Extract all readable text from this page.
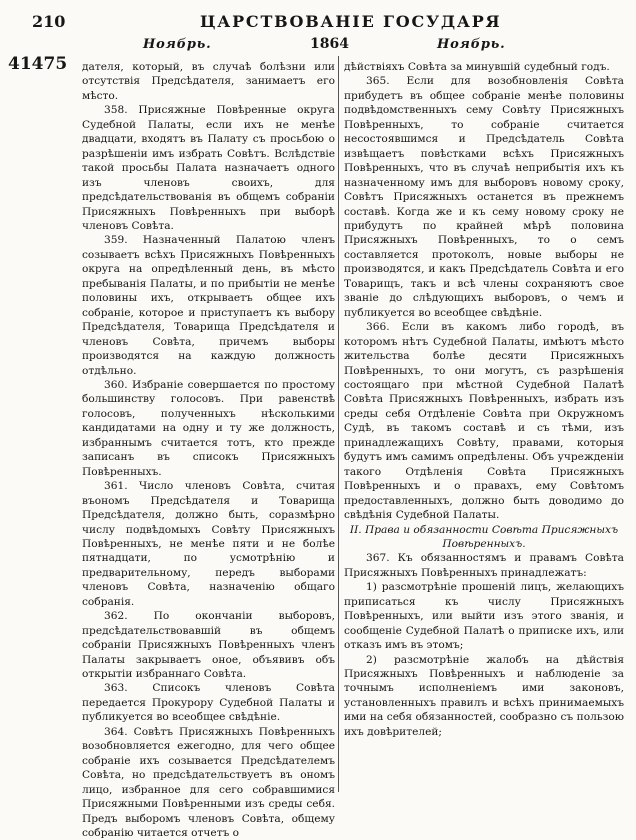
210	ЦАРСТВОВАНІЕ ГОСУДАРЯ
Ноябрь.	1864	Ноябрь.
41475 дателя, который, въ случаѣ болѣзни или отсутствія Предсѣдателя, занимаетъ его мѣсто.

358. Присяжные Повѣренные округа Судебной Палаты, если ихъ не менѣе двадцати, входятъ въ Палату съ просьбою о разрѣшеніи имъ избрать Совѣтъ. Вслѣдствіе такой просьбы Палата назначаетъ одного изъ членовъ своихъ, для предсѣдательствованія въ общемъ собраніи Присяжныхъ Повѣренныхъ при выборѣ членовъ Совѣта.

359. Назначенный Палатою членъ созываетъ всѣхъ Присяжныхъ Повѣренныхъ округа на опредѣленный день, въ мѣсто пребыванія Палаты, и по прибытіи не менѣе половины ихъ, открываетъ общее ихъ собраніе, которое и приступаетъ къ выбору Предсѣдателя, Товарища Предсѣдателя и членовъ Совѣта, причемъ выборы производятся на каждую должность отдѣльно.

360. Избраніе совершается по простому большинству голосовъ. При равенствѣ голосовъ, полученныхъ нѣсколькими кандидатами на одну и ту же должность, избраннымъ считается тотъ, кто прежде записанъ въ списокъ Присяжныхъ Повѣренныхъ.

361. Число членовъ Совѣта, считая въономъ Предсѣдателя и Товарища Предсѣдателя, должно быть, соразмѣрно числу подвѣдомыхъ Совѣту Присяжныхъ Повѣренныхъ, не менѣе пяти и не болѣе пятнадцати, по усмотрѣнію и предварительному, передъ выборами членовъ Совѣта, назначенію общаго собранія.

362. По окончаніи выборовъ, предсѣдательствовавшій въ общемъ собраніи Присяжныхъ Повѣренныхъ членъ Палаты закрываетъ оное, объявивъ объ открытіи избраннаго Совѣта.

363. Списокъ членовъ Совѣта передается Прокурору Судебной Палаты и публикуется во всеобщее свѣдѣніе.

364. Совѣтъ Присяжныхъ Повѣренныхъ возобновляется ежегодно, для чего общее собраніе ихъ созывается Предсѣдателемъ Совѣта, но предсѣдательствуетъ въ ономъ лицо, избранное для сего собравшимися Присяжными Повѣренными изъ среды себя. Предъ выборомъ членовъ Совѣта, общему собранію читается отчетъ о

дѣйствіяхъ Совѣта за минувшій судебный годъ.

365. Если для возобновленія Совѣта прибудетъ въ общее собраніе менѣе половины подвѣдомственныхъ сему Совѣту Присяжныхъ Повѣренныхъ, то собраніе считается несостоявшимся и Предсѣдатель Совѣта извѣщаетъ повѣстками всѣхъ Присяжныхъ Повѣренныхъ, что въ случаѣ неприбытія ихъ къ назначенному имъ для выборовъ новому сроку, Совѣтъ Присяжныхъ останется въ прежнемъ составѣ. Когда же и къ сему новому сроку не прибудутъ по крайней мѣрѣ половина Присяжныхъ Повѣренныхъ, то о семъ составляется протоколъ, новые выборы не производятся, и какъ Предсѣдатель Совѣта и его Товарищъ, такъ и всѣ члены сохраняютъ свое званіе до слѣдующихъ выборовъ, о чемъ и публикуется во всеобщее свѣдѣніе.

366. Если въ какомъ либо городѣ, въ которомъ нѣтъ Судебной Палаты, имѣютъ мѣсто жительства болѣе десяти Присяжныхъ Повѣренныхъ, то они могутъ, съ разрѣшенія состоящаго при мѣстной Судебной Палатѣ Совѣта Присяжныхъ Повѣренныхъ, избрать изъ среды себя Отдѣленіе Совѣта при Окружномъ Судѣ, въ такомъ составѣ и съ тѣми, изъ принадлежащихъ Совѣту, правами, которыя будутъ имъ самимъ опредѣлены. Объ учрежденіи такого Отдѣленія Совѣта Присяжныхъ Повѣренныхъ и о правахъ, ему Совѣтомъ предоставленныхъ, должно быть доводимо до свѣдѣнія Судебной Палаты.

II. Права и обязанности Совѣта Присяжныхъ Повѣренныхъ.

367. Къ обязанностямъ и правамъ Совѣта Присяжныхъ Повѣренныхъ принадлежатъ:

1) разсмотрѣніе прошеній лицъ, желающихъ приписаться къ числу Присяжныхъ Повѣренныхъ, или выйти изъ этого званія, и сообщеніе Судебной Палатѣ о приписке ихъ, или отказъ имъ въ этомъ;

2) разсмотрѣніе жалобъ на дѣйствія Присяжныхъ Повѣренныхъ и наблюденіе за точнымъ исполненіемъ ими законовъ, установленныхъ правилъ и всѣхъ принимаемыхъ ими на себя обязанностей, сообразно съ пользою ихъ довѣрителей;
